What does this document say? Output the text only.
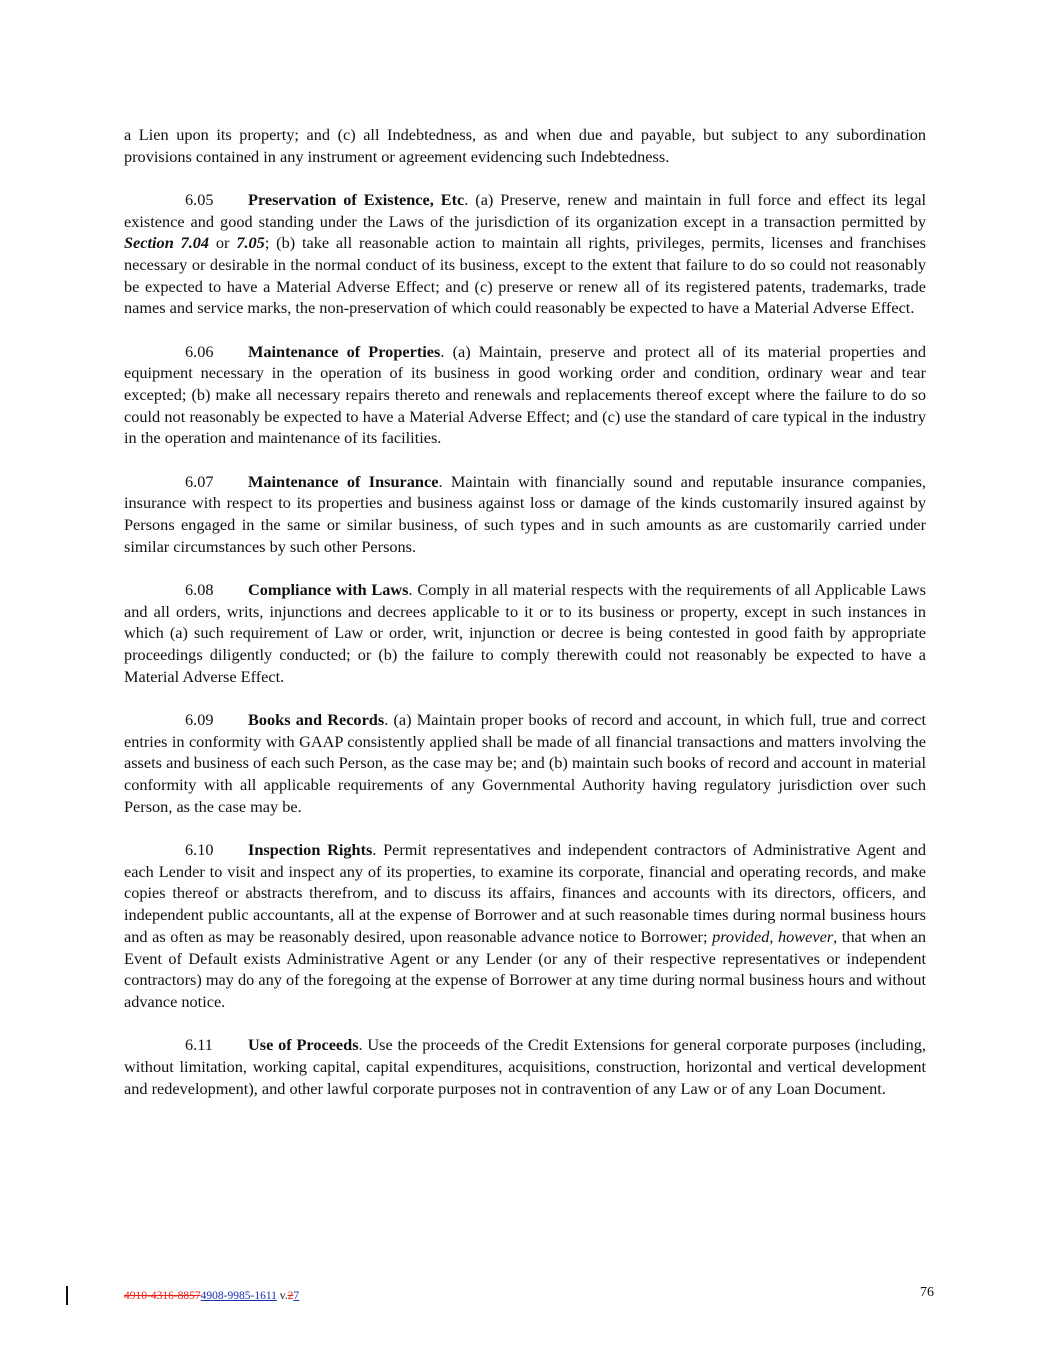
a Lien upon its property; and (c) all Indebtedness, as and when due and payable, but subject to any subordination provisions contained in any instrument or agreement evidencing such Indebtedness.

6.05 Preservation of Existence, Etc. (a) Preserve, renew and maintain in full force and effect its legal existence and good standing under the Laws of the jurisdiction of its organization except in a transaction permitted by Section 7.04 or 7.05; (b) take all reasonable action to maintain all rights, privileges, permits, licenses and franchises necessary or desirable in the normal conduct of its business, except to the extent that failure to do so could not reasonably be expected to have a Material Adverse Effect; and (c) preserve or renew all of its registered patents, trademarks, trade names and service marks, the non-preservation of which could reasonably be expected to have a Material Adverse Effect.

6.06 Maintenance of Properties. (a) Maintain, preserve and protect all of its material properties and equipment necessary in the operation of its business in good working order and condition, ordinary wear and tear excepted; (b) make all necessary repairs thereto and renewals and replacements thereof except where the failure to do so could not reasonably be expected to have a Material Adverse Effect; and (c) use the standard of care typical in the industry in the operation and maintenance of its facilities.

6.07 Maintenance of Insurance. Maintain with financially sound and reputable insurance companies, insurance with respect to its properties and business against loss or damage of the kinds customarily insured against by Persons engaged in the same or similar business, of such types and in such amounts as are customarily carried under similar circumstances by such other Persons.

6.08 Compliance with Laws. Comply in all material respects with the requirements of all Applicable Laws and all orders, writs, injunctions and decrees applicable to it or to its business or property, except in such instances in which (a) such requirement of Law or order, writ, injunction or decree is being contested in good faith by appropriate proceedings diligently conducted; or (b) the failure to comply therewith could not reasonably be expected to have a Material Adverse Effect.

6.09 Books and Records. (a) Maintain proper books of record and account, in which full, true and correct entries in conformity with GAAP consistently applied shall be made of all financial transactions and matters involving the assets and business of each such Person, as the case may be; and (b) maintain such books of record and account in material conformity with all applicable requirements of any Governmental Authority having regulatory jurisdiction over such Person, as the case may be.

6.10 Inspection Rights. Permit representatives and independent contractors of Administrative Agent and each Lender to visit and inspect any of its properties, to examine its corporate, financial and operating records, and make copies thereof or abstracts therefrom, and to discuss its affairs, finances and accounts with its directors, officers, and independent public accountants, all at the expense of Borrower and at such reasonable times during normal business hours and as often as may be reasonably desired, upon reasonable advance notice to Borrower; provided, however, that when an Event of Default exists Administrative Agent or any Lender (or any of their respective representatives or independent contractors) may do any of the foregoing at the expense of Borrower at any time during normal business hours and without advance notice.

6.11 Use of Proceeds. Use the proceeds of the Credit Extensions for general corporate purposes (including, without limitation, working capital, capital expenditures, acquisitions, construction, horizontal and vertical development and redevelopment), and other lawful corporate purposes not in contravention of any Law or of any Loan Document.

4910-4316-88574908-9985-1611 v.27	76
